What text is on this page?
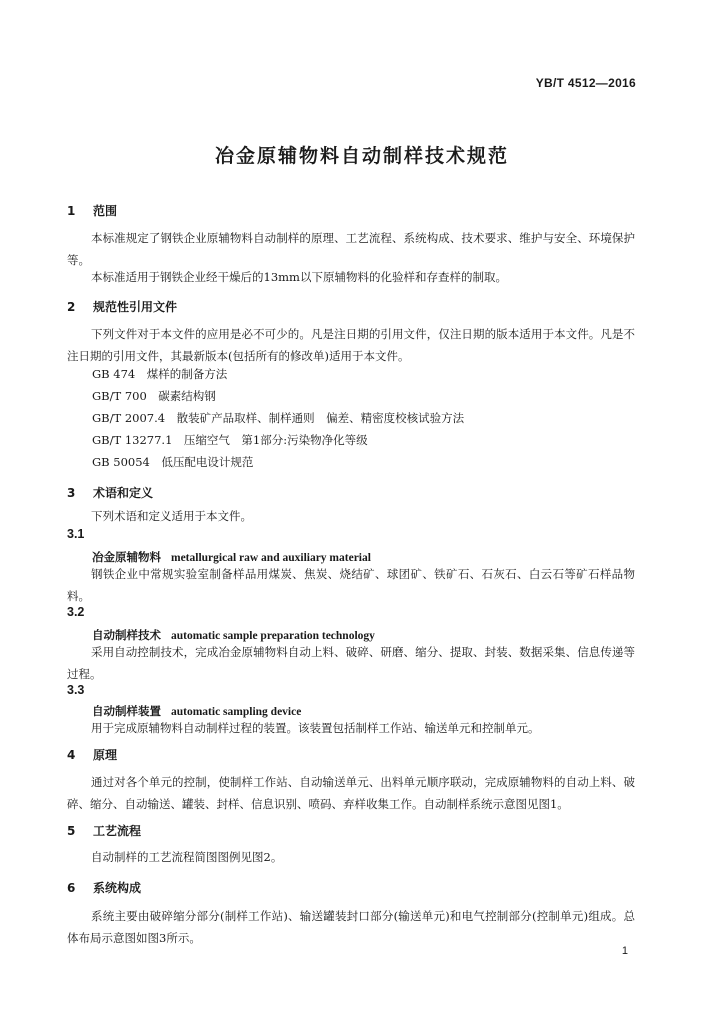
YB/T 4512—2016
冶金原辅物料自动制样技术规范
1 范围
本标准规定了钢铁企业原辅物料自动制样的原理、工艺流程、系统构成、技术要求、维护与安全、环境保护等。
本标准适用于钢铁企业经干燥后的13mm以下原辅物料的化验样和存查样的制取。
2 规范性引用文件
下列文件对于本文件的应用是必不可少的。凡是注日期的引用文件，仅注日期的版本适用于本文件。凡是不注日期的引用文件，其最新版本(包括所有的修改单)适用于本文件。
GB 474　 煤样的制备方法
GB/T 700　 碳素结构钢
GB/T 2007.4　 散装矿产品取样、制样通则　偏差、精密度校核试验方法
GB/T 13277.1　 压缩空气　第1部分:污染物净化等级
GB 50054　 低压配电设计规范
3 术语和定义
下列术语和定义适用于本文件。
3.1
冶金原辅物料 metallurgical raw and auxiliary material
钢铁企业中常规实验室制备样品用煤炭、焦炭、烧结矿、球团矿、铁矿石、石灰石、白云石等矿石样品物料。
3.2
自动制样技术 automatic sample preparation technology
采用自动控制技术，完成冶金原辅物料自动上料、破碎、研磨、缩分、提取、封装、数据采集、信息传递等过程。
3.3
自动制样装置 automatic sampling device
用于完成原辅物料自动制样过程的装置。该装置包括制样工作站、输送单元和控制单元。
4 原理
通过对各个单元的控制，使制样工作站、自动输送单元、出料单元顺序联动，完成原辅物料的自动上料、破碎、缩分、自动输送、罐装、封样、信息识别、喷码、弃样收集工作。自动制样系统示意图见图1。
5 工艺流程
自动制样的工艺流程简图图例见图2。
6 系统构成
系统主要由破碎缩分部分(制样工作站)、输送罐装封口部分(输送单元)和电气控制部分(控制单元)组成。总体布局示意图如图3所示。
1
